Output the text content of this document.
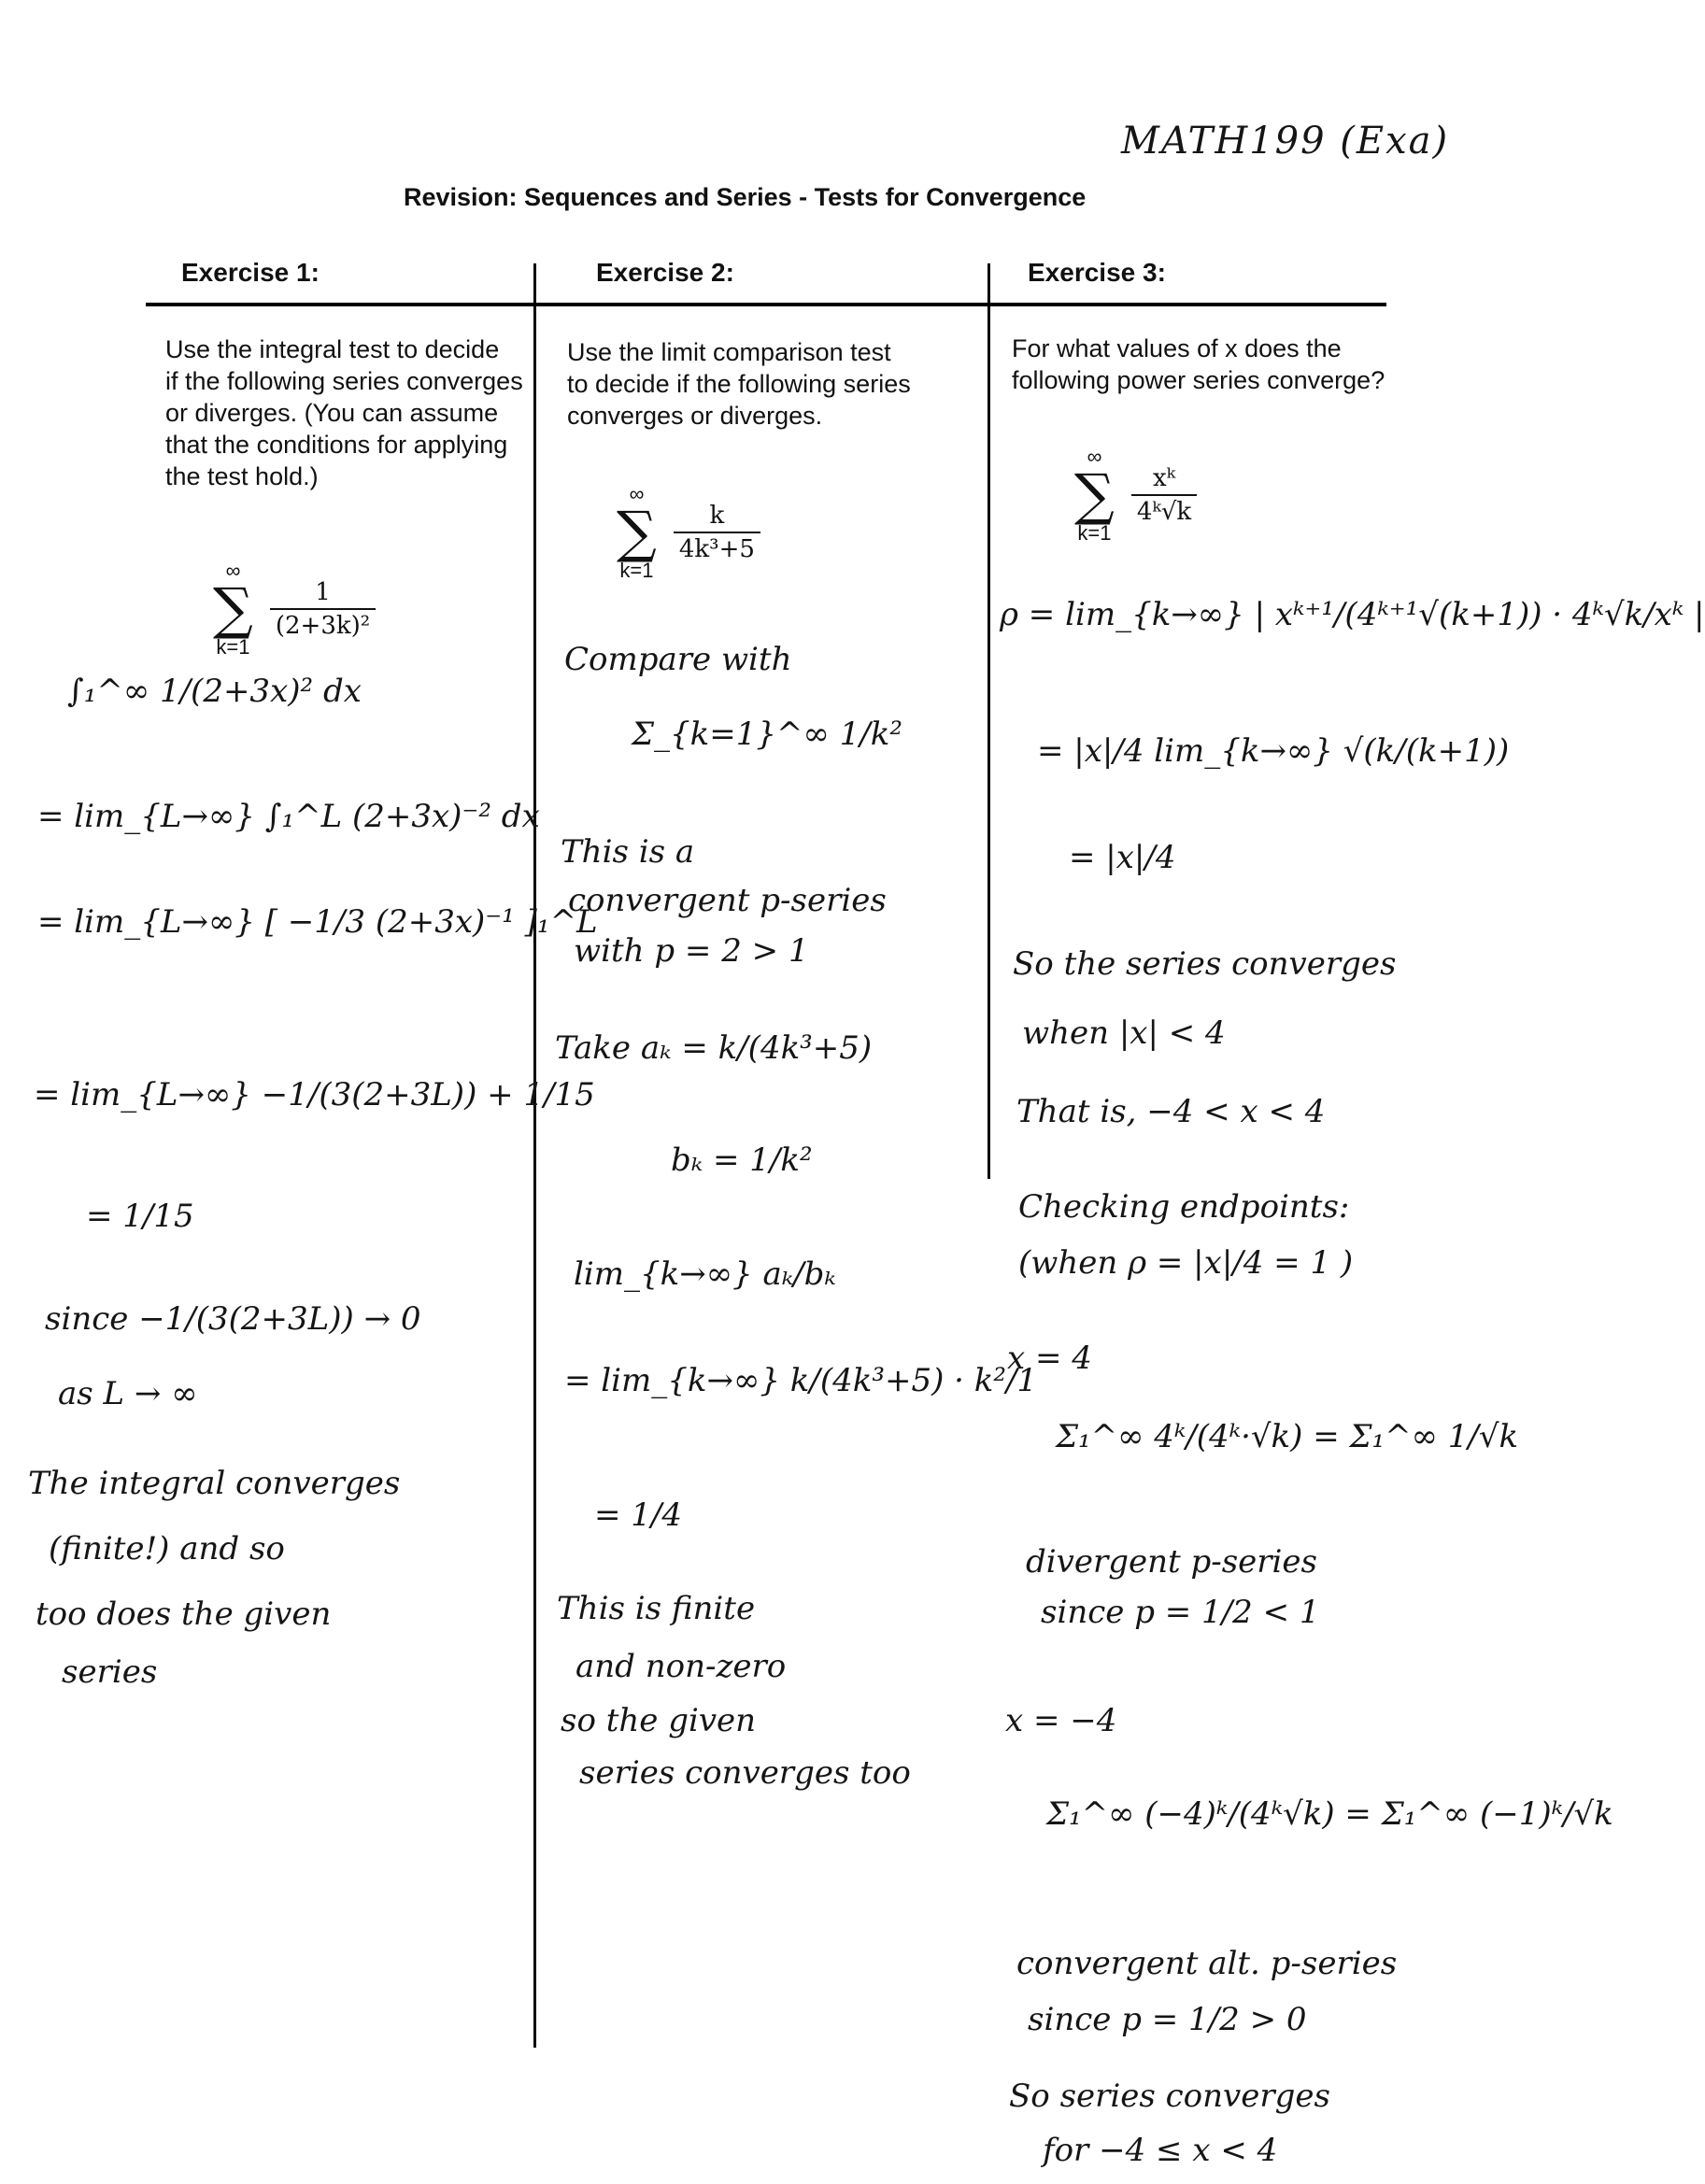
MATH199 (Exa)
Revision: Sequences and Series - Tests for Convergence
Exercise 1:	Exercise 2:	Exercise 3:
Use the integral test to decide
if the following series converges
or diverges. (You can assume
that the conditions for applying
the test hold.)
∞
∑
k=1
$\frac{1}{\text{(2+3k)²}}$
Use the limit comparison test
to decide if the following series
converges or diverges.
∞
∑
k=1
$\frac{k}{\text{4k³+5}}$
For what values of x does the
following power series converge?
∞
∑
k=1
$\frac{\text{xᵏ}}{\text{4ᵏ√k}}$
∫₁^∞ 1/(2+3x)² dx
= lim_{L→∞} ∫₁^L (2+3x)⁻² dx
= lim_{L→∞} [ −1/3 (2+3x)⁻¹ ]₁^L
= lim_{L→∞} −1/(3(2+3L)) + 1/15
= 1/15
since −1/(3(2+3L)) → 0
as L → ∞
The integral converges
(finite!) and so
too does the given
series
Compare with
Σ_{k=1}^∞ 1/k²
This is a
convergent p-series
with p = 2 > 1
Take aₖ = k/(4k³+5)
bₖ = 1/k²
lim_{k→∞} aₖ/bₖ
= lim_{k→∞} k/(4k³+5) · k²/1
= 1/4
This is finite
and non-zero
so the given
series converges too
ρ = lim_{k→∞} | xᵏ⁺¹/(4ᵏ⁺¹√(k+1)) · 4ᵏ√k/xᵏ |
= |x|/4 lim_{k→∞} √(k/(k+1))
= |x|/4
So the series converges
when |x| < 4
That is, −4 < x < 4
Checking endpoints:
(when ρ = |x|/4 = 1 )
x = 4
Σ₁^∞ 4ᵏ/(4ᵏ·√k) = Σ₁^∞ 1/√k
divergent p-series
since p = 1/2 < 1
x = −4
Σ₁^∞ (−4)ᵏ/(4ᵏ√k) = Σ₁^∞ (−1)ᵏ/√k
convergent alt. p-series
since p = 1/2 > 0
So series converges
for −4 ≤ x < 4
